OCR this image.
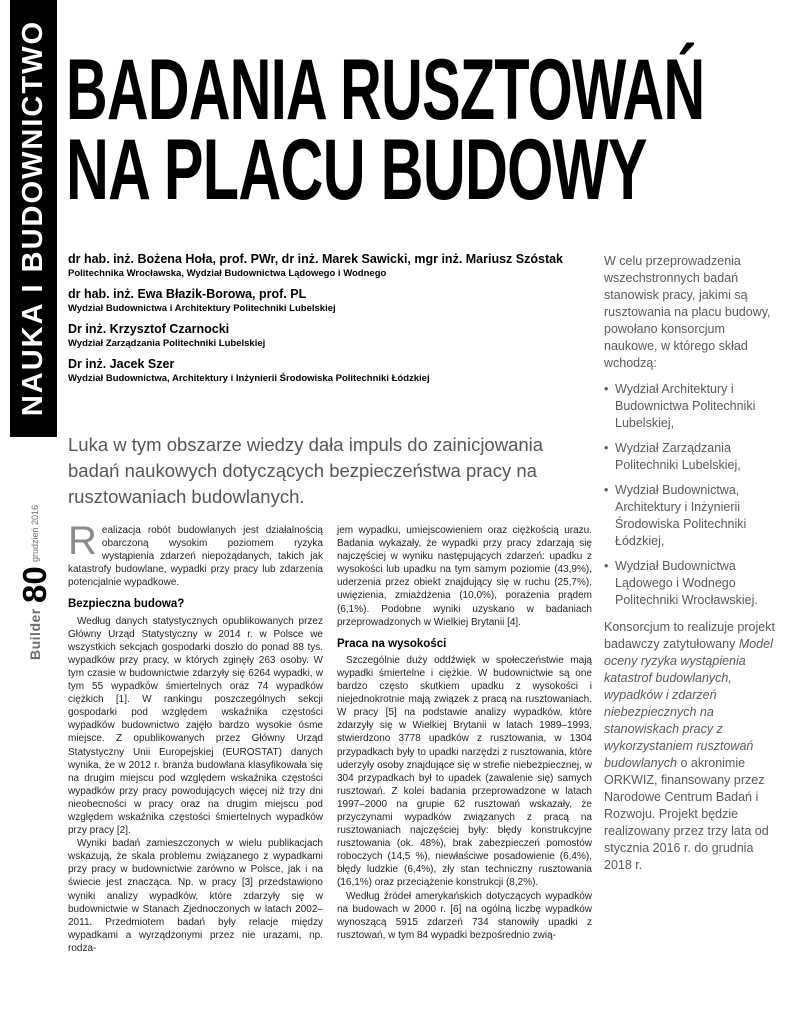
NAUKA I BUDOWNICTWO BADANIA RUSZTOWAŃ
NA PLACU BUDOWY
dr hab. inż. Bożena Hoła, prof. PWr, dr inż. Marek Sawicki, mgr inż. Mariusz Szóstak
Politechnika Wrocławska, Wydział Budownictwa Lądowego i Wodnego
dr hab. inż. Ewa Błazik-Borowa, prof. PL
Wydział Budownictwa i Architektury Politechniki Lubelskiej
Dr inż. Krzysztof Czarnocki
Wydział Zarządzania Politechniki Lubelskiej
Dr inż. Jacek Szer
Wydział Budownictwa, Architektury i Inżynierii Środowiska Politechniki Łódzkiej
Luka w tym obszarze wiedzy dała impuls do zainicjowania badań naukowych dotyczących bezpieczeństwa pracy na rusztowaniach budowlanych.
Builder
80
grudzień 2016 Realizacja robót budowlanych jest działalnością obarczoną wysokim poziomem ryzyka wystąpienia zdarzeń niepożądanych, takich jak katastrofy budowlane, wypadki przy pracy lub zdarzenia potencjalnie wypadkowe.

Bezpieczna budowa?

Według danych statystycznych opublikowanych przez Główny Urząd Statystyczny w 2014 r. w Polsce we wszystkich sekcjach gospodarki doszło do ponad 88 tys. wypadków przy pracy, w których zginęły 263 osoby. W tym czasie w budownictwie zdarzyły się 6264 wypadki, w tym 55 wypadków śmiertelnych oraz 74 wypadków ciężkich [1]. W rankingu poszczególnych sekcji gospodarki pod względem wskaźnika częstości wypadków budownictwo zajęło bardzo wysokie ósme miejsce. Z opublikowanych przez Główny Urząd Statystyczny Unii Europejskiej (EUROSTAT) danych wynika, że w 2012 r. branża budowlana klasyfikowała się na drugim miejscu pod względem wskaźnika częstości wypadków przy pracy powodujących więcej niż trzy dni nieobecności w pracy oraz na drugim miejscu pod względem wskaźnika częstości śmiertelnych wypadków przy pracy [2].

Wyniki badań zamieszczonych w wielu publikacjach wskazują, że skala problemu związanego z wypadkami przy pracy w budownictwie zarówno w Polsce, jak i na świecie jest znacząca. Np. w pracy [3] przedstawiono wyniki analizy wypadków, które zdarzyły się w budownictwie w Stanach Zjednoczonych w latach 2002–2011. Przedmiotem badań były relacje między wypadkami a wyrządzonymi przez nie urazami, np. rodza-

jem wypadku, umiejscowieniem oraz ciężkością urazu. Badania wykazały, że wypadki przy pracy zdarzają się najczęściej w wyniku następujących zdarzeń: upadku z wysokości lub upadku na tym samym poziomie (43,9%), uderzenia przez obiekt znajdujący się w ruchu (25,7%), uwięzienia, zmiażdżenia (10,0%), porażenia prądem (6,1%). Podobne wyniki uzyskano w badaniach przeprowadzonych w Wielkiej Brytanii [4].

Praca na wysokości

Szczególnie duży oddźwięk w społeczeństwie mają wypadki śmiertelne i ciężkie. W budownictwie są one bardzo często skutkiem upadku z wysokości i niejednokrotnie mają związek z pracą na rusztowaniach. W pracy [5] na podstawie analizy wypadków, które zdarzyły się w Wielkiej Brytanii w latach 1989–1993, stwierdzono 3778 upadków z rusztowania, w 1304 przypadkach były to upadki narzędzi z rusztowania, które uderzyły osoby znajdujące się w strefie niebezpiecznej, w 304 przypadkach był to upadek (zawalenie się) samych rusztowań. Z kolei badania przeprowadzone w latach 1997–2000 na grupie 62 rusztowań wskazały, że przyczynami wypadków związanych z pracą na rusztowaniach najczęściej były: błędy konstrukcyjne rusztowania (ok. 48%), brak zabezpieczeń pomostów roboczych (14,5 %), niewłaściwe posadowienie (6,4%), błędy ludzkie (6,4%), zły stan techniczny rusztowania (16,1%) oraz przeciążenie konstrukcji (8,2%).

Według źródeł amerykańskich dotyczących wypadków na budowach w 2000 r. [6] na ogólną liczbę wypadków wynoszącą 5915 zdarzeń 734 stanowiły upadki z rusztowań, w tym 84 wypadki bezpośrednio zwią-

W celu przeprowadzenia wszechstronnych badań stanowisk pracy, jakimi są rusztowania na placu budowy, powołano konsorcjum naukowe, w którego skład wchodzą:
• Wydział Architektury i Budownictwa Politechniki Lubelskiej,
• Wydział Zarządzania Politechniki Lubelskiej,
• Wydział Budownictwa, Architektury i Inżynierii Środowiska Politechniki Łódzkiej,
• Wydział Budownictwa Lądowego i Wodnego Politechniki Wrocławskiej.
Konsorcjum to realizuje projekt badawczy zatytułowany Model oceny ryzyka wystąpienia katastrof budowlanych, wypadków i zdarzeń niebezpiecznych na stanowiskach pracy z wykorzystaniem rusztowań budowlanych o akronimie ORKWIZ, finansowany przez Narodowe Centrum Badań i Rozwoju. Projekt będzie realizowany przez trzy lata od stycznia 2016 r. do grudnia 2018 r.
